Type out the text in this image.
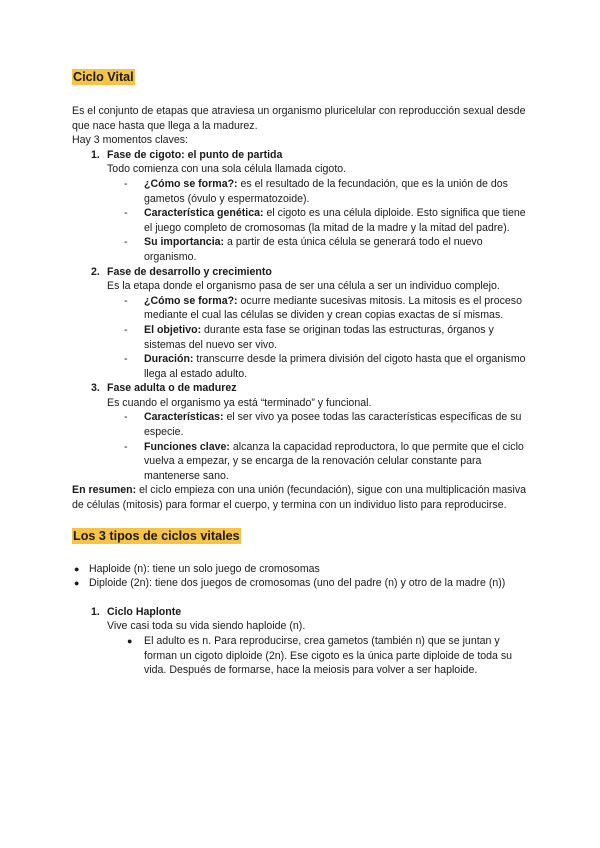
Ciclo Vital

Es el conjunto de etapas que atraviesa un organismo pluricelular con reproducción sexual desde que nace hasta que llega a la madurez.

Hay 3 momentos claves:

1. Fase de cigoto: el punto de partida
Todo comienza con una sola célula llamada cigoto.
- ¿Cómo se forma?: es el resultado de la fecundación, que es la unión de dos gametos (óvulo y espermatozoide).
- Característica genética: el cigoto es una célula diploide. Esto significa que tiene el juego completo de cromosomas (la mitad de la madre y la mitad del padre).
- Su importancia: a partir de esta única célula se generará todo el nuevo organismo.
2. Fase de desarrollo y crecimiento
Es la etapa donde el organismo pasa de ser una célula a ser un individuo complejo.
- ¿Cómo se forma?: ocurre mediante sucesivas mitosis. La mitosis es el proceso mediante el cual las células se dividen y crean copias exactas de sí mismas.
- El objetivo: durante esta fase se originan todas las estructuras, órganos y sistemas del nuevo ser vivo.
- Duración: transcurre desde la primera división del cigoto hasta que el organismo llega al estado adulto.
3. Fase adulta o de madurez
Es cuando el organismo ya está “terminado” y funcional.
- Características: el ser vivo ya posee todas las características específicas de su especie.
- Funciones clave: alcanza la capacidad reproductora, lo que permite que el ciclo vuelva a empezar, y se encarga de la renovación celular constante para mantenerse sano.

En resumen: el ciclo empieza con una unión (fecundación), sigue con una multiplicación masiva de células (mitosis) para formar el cuerpo, y termina con un individuo listo para reproducirse.

Los 3 tipos de ciclos vitales

● Haploide (n): tiene un solo juego de cromosomas
● Diploide (2n): tiene dos juegos de cromosomas (uno del padre (n) y otro de la madre (n))
1. Ciclo Haplonte
Vive casi toda su vida siendo haploide (n).
● El adulto es n. Para reproducirse, crea gametos (también n) que se juntan y forman un cigoto diploide (2n). Ese cigoto es la única parte diploide de toda su vida. Después de formarse, hace la meiosis para volver a ser haploide.
